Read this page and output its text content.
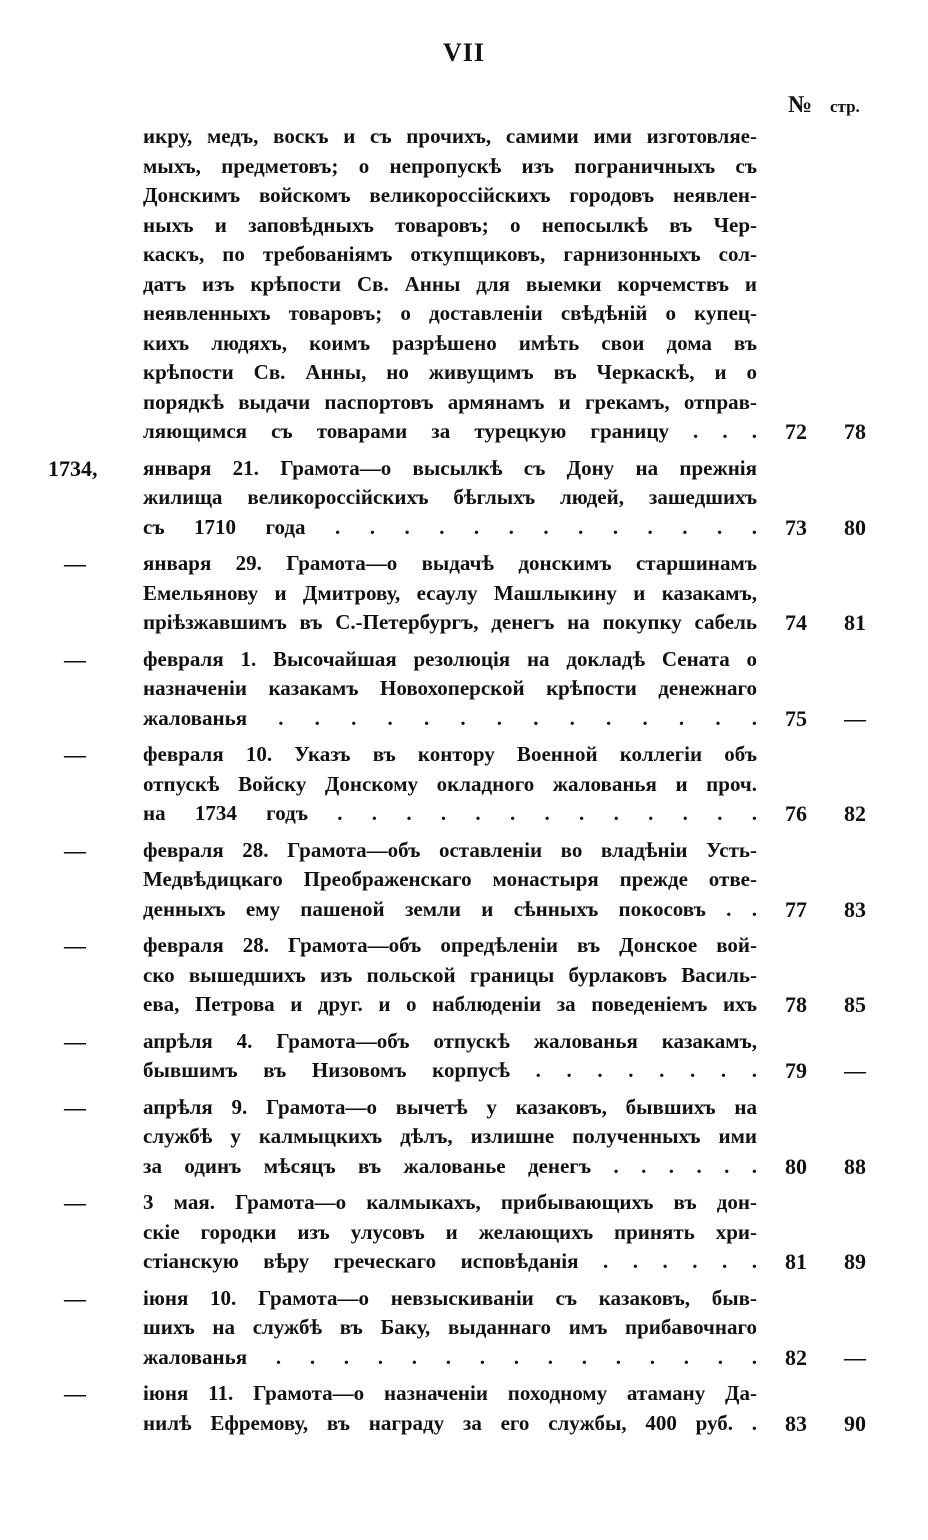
VII
№ стр.
икру, медъ, воскъ и съ прочихъ, самими ими изготовляе-
мыхъ, предметовъ; о непропускѣ изъ пограничныхъ съ
Донскимъ войскомъ великороссійскихъ городовъ неявлен-
ныхъ и заповѣдныхъ товаровъ; о непосылкѣ въ Чер-
каскъ, по требованіямъ откупщиковъ, гарнизонныхъ сол-
датъ изъ крѣпости Св. Анны для выемки корчемствъ и
неявленныхъ товаровъ; о доставленіи свѣдѣній о купец-
кихъ людяхъ, коимъ разрѣшено имѣть свои дома въ
крѣпости Св. Анны, но живущимъ въ Черкаскѣ, и о
порядкѣ выдачи паспортовъ армянамъ и грекамъ, отправ-
ляющимся съ товарами за турецкую границу . . . 72 78
1734,	января 21. Грамота—о высылкѣ съ Дону на прежнія
жилища великороссійскихъ бѣглыхъ людей, зашедшихъ
съ 1710 года . . . . . . . . . . . . . 73 80
—	января 29. Грамота—о выдачѣ донскимъ старшинамъ
Емельянову и Дмитрову, есаулу Машлыкину и казакамъ,
пріѣзжавшимъ въ С.-Петербургъ, денегъ на покупку сабель 74 81
—	февраля 1. Высочайшая резолюція на докладѣ Сената о
назначеніи казакамъ Новохоперской крѣпости денежнаго
жалованья . . . . . . . . . . . . . . 75 —
—	февраля 10. Указъ въ контору Военной коллегіи объ
отпускѣ Войску Донскому окладного жалованья и проч.
на 1734 годъ . . . . . . . . . . . . . 76 82
—	февраля 28. Грамота—объ оставленіи во владѣніи Усть-
Медвѣдицкаго Преображенскаго монастыря прежде отве-
денныхъ ему пашеной земли и сѣнныхъ покосовъ . . 77 83
—	февраля 28. Грамота—объ опредѣленіи въ Донское вой-
ско вышедшихъ изъ польской границы бурлаковъ Василь-
ева, Петрова и друг. и о наблюденіи за поведеніемъ ихъ 78 85
—	апрѣля 4. Грамота—объ отпускѣ жалованья казакамъ,
бывшимъ въ Низовомъ корпусѣ . . . . . . . . 79 —
—	апрѣля 9. Грамота—о вычетѣ у казаковъ, бывшихъ на
службѣ у калмыцкихъ дѣлъ, излишне полученныхъ ими
за одинъ мѣсяцъ въ жалованье денегъ . . . . . . 80 88
—	3 мая. Грамота—о калмыкахъ, прибывающихъ въ дон-
скіе городки изъ улусовъ и желающихъ принять хри-
стіанскую вѣру греческаго исповѣданія . . . . . . 81 89
—	іюня 10. Грамота—о невзыскиваніи съ казаковъ, быв-
шихъ на службѣ въ Баку, выданнаго имъ прибавочнаго
жалованья . . . . . . . . . . . . . . . 82 —
—	іюня 11. Грамота—о назначеніи походному атаману Да-
нилѣ Ефремову, въ награду за его службы, 400 руб. . 83 90
